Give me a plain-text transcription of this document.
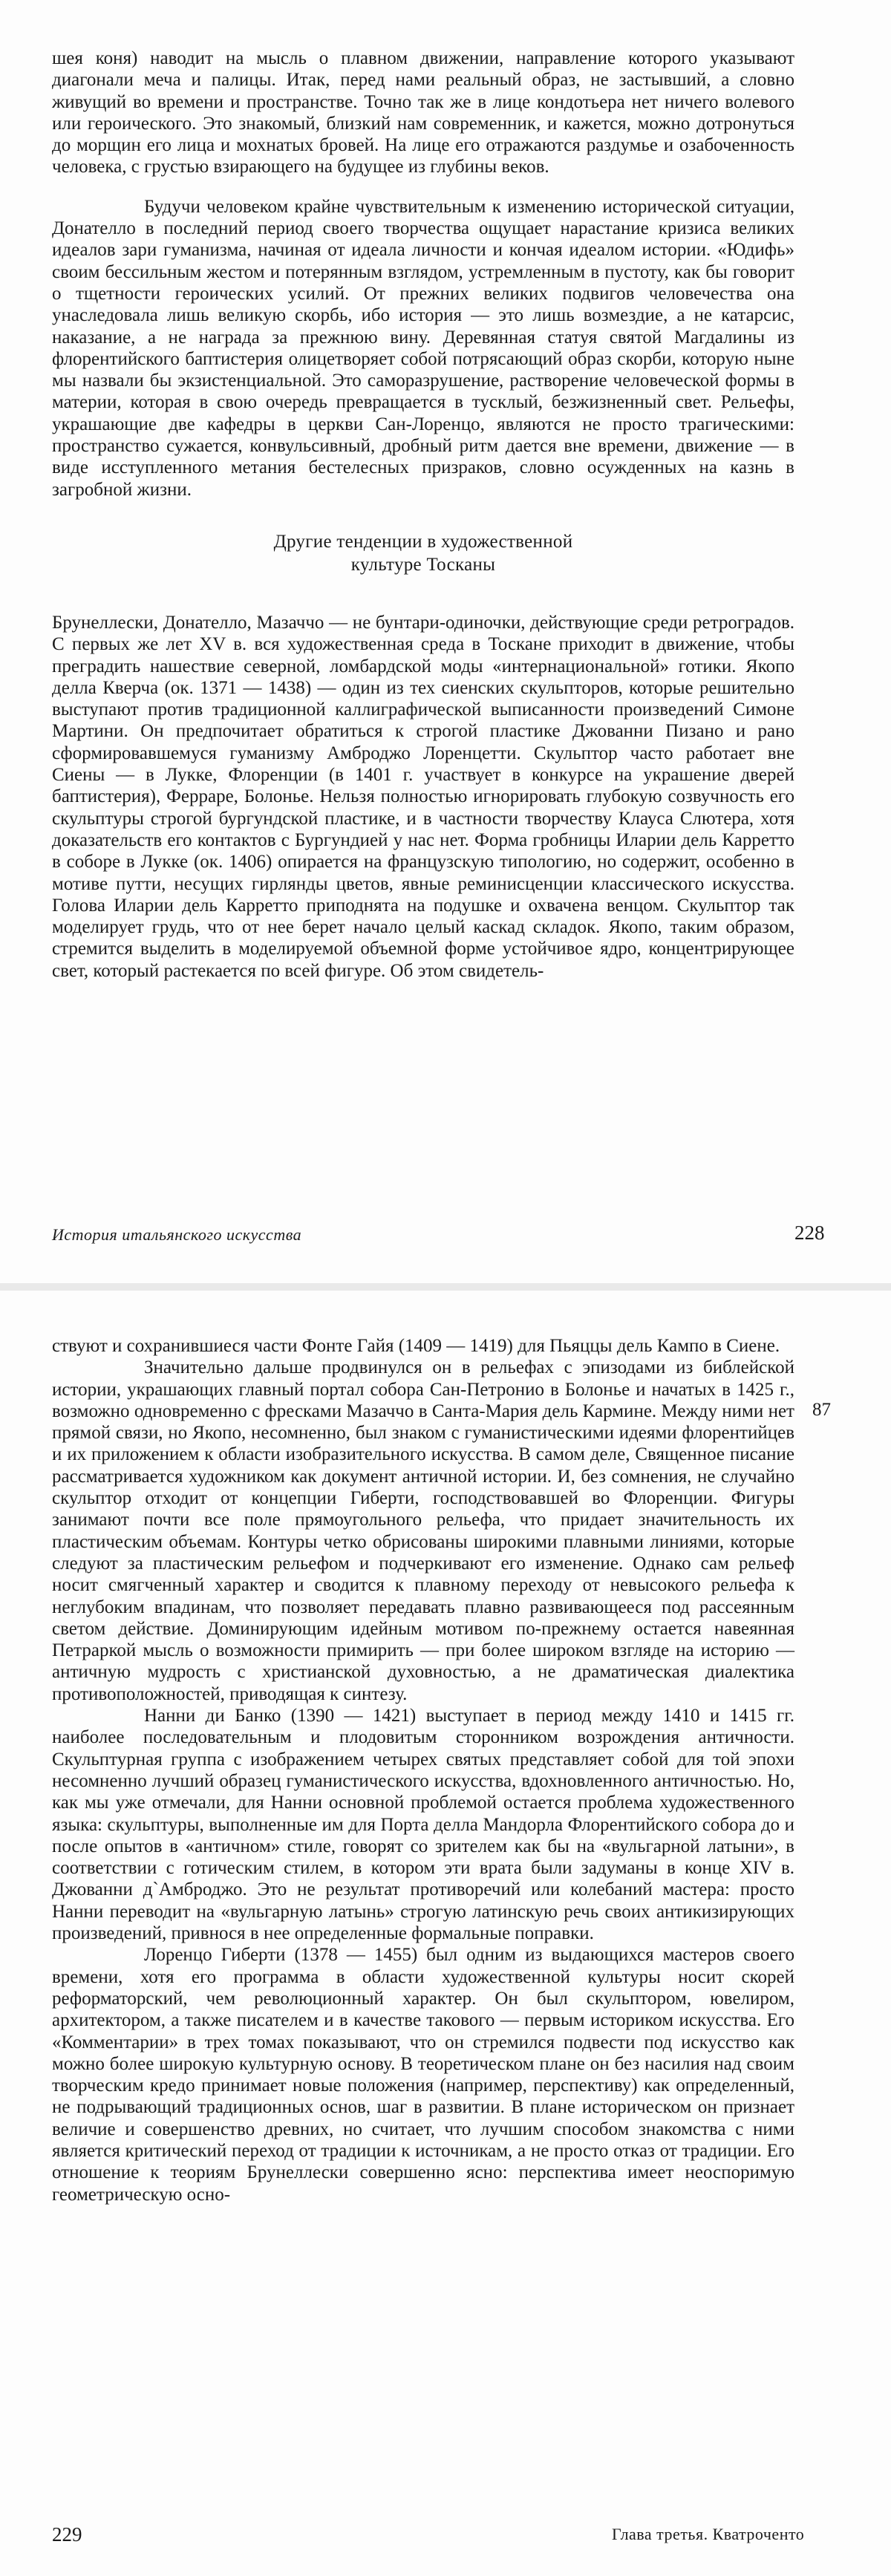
шея коня) наводит на мысль о плавном движении, направление которого указывают диагонали меча и палицы. Итак, перед нами реальный образ, не застывший, а словно живущий во времени и пространстве. Точно так же в лице кондотьера нет ничего волевого или героического. Это знакомый, близкий нам современник, и кажется, можно дотронуться до морщин его лица и мохнатых бровей. На лице его отражаются раздумье и озабоченность человека, с грустью взирающего на будущее из глубины веков.

Будучи человеком крайне чувствительным к изменению исторической ситуации, Донателло в последний период своего творчества ощущает нарастание кризиса великих идеалов зари гуманизма, начиная от идеала личности и кончая идеалом истории. «Юдифь» своим бессильным жестом и потерянным взглядом, устремленным в пустоту, как бы говорит о тщетности героических усилий. От прежних великих подвигов человечества она унаследовала лишь великую скорбь, ибо история — это лишь возмездие, а не катарсис, наказание, а не награда за прежнюю вину. Деревянная статуя святой Магдалины из флорентийского баптистерия олицетворяет собой потрясающий образ скорби, которую ныне мы назвали бы экзистенциальной. Это саморазрушение, растворение человеческой формы в материи, которая в свою очередь превращается в тусклый, безжизненный свет. Рельефы, украшающие две кафедры в церкви Сан-Лоренцо, являются не просто трагическими: пространство сужается, конвульсивный, дробный ритм дается вне времени, движение — в виде исступленного метания бестелесных призраков, словно осужденных на казнь в загробной жизни.

Другие тенденции в художественной
культуре Тосканы

Брунеллески, Донателло, Мазаччо — не бунтари-одиночки, действующие среди ретроградов. С первых же лет XV в. вся художественная среда в Тоскане приходит в движение, чтобы преградить нашествие северной, ломбардской моды «интернациональной» готики. Якопо делла Кверча (ок. 1371 — 1438) — один из тех сиенских скульпторов, которые решительно выступают против традиционной каллиграфической выписанности произведений Симоне Мартини. Он предпочитает обратиться к строгой пластике Джованни Пизано и рано сформировавшемуся гуманизму Амброджо Лоренцетти. Скульптор часто работает вне Сиены — в Лукке, Флоренции (в 1401 г. участвует в конкурсе на украшение дверей баптистерия), Ферраре, Болонье. Нельзя полностью игнорировать глубокую созвучность его скульптуры строгой бургундской пластике, и в частности творчеству Клауса Слютера, хотя доказательств его контактов с Бургундией у нас нет. Форма гробницы Иларии дель Карретто в соборе в Лукке (ок. 1406) опирается на французскую типологию, но содержит, особенно в мотиве путти, несущих гирлянды цветов, явные реминисценции классического искусства. Голова Иларии дель Карретто приподнята на подушке и охвачена венцом. Скульптор так моделирует грудь, что от нее берет начало целый каскад складок. Якопо, таким образом, стремится выделить в моделируемой объемной форме устойчивое ядро, концентрирующее свет, который растекается по всей фигуре. Об этом свидетель-

История итальянского искусства	228

ствуют и сохранившиеся части Фонте Гайя (1409 — 1419) для Пьяццы дель Кампо в Сиене.

Значительно дальше продвинулся он в рельефах с эпизодами из библейской истории, украшающих главный портал собора Сан-Петронио в Болонье и начатых в 1425 г., возможно одновременно с фресками Мазаччо в Санта-Мария дель Кармине. Между ними нет прямой связи, но Якопо, несомненно, был знаком с гуманистическими идеями флорентийцев и их приложением к области изобразительного искусства. В самом деле, Священное писание рассматривается художником как документ античной истории. И, без сомнения, не случайно скульптор отходит от концепции Гиберти, господствовавшей во Флоренции. Фигуры занимают почти все поле прямоугольного рельефа, что придает значительность их пластическим объемам. Контуры четко обрисованы широкими плавными линиями, которые следуют за пластическим рельефом и подчеркивают его изменение. Однако сам рельеф носит смягченный характер и сводится к плавному переходу от невысокого рельефа к неглубоким впадинам, что позволяет передавать плавно развивающееся под рассеянным светом действие. Доминирующим идейным мотивом по-прежнему остается навеянная Петраркой мысль о возможности примирить — при более широком взгляде на историю — античную мудрость с христианской духовностью, а не драматическая диалектика противоположностей, приводящая к синтезу.

Нанни ди Банко (1390 — 1421) выступает в период между 1410 и 1415 гг. наиболее последовательным и плодовитым сторонником возрождения античности. Скульптурная группа с изображением четырех святых представляет собой для той эпохи несомненно лучший образец гуманистического искусства, вдохновленного античностью. Но, как мы уже отмечали, для Нанни основной проблемой остается проблема художественного языка: скульптуры, выполненные им для Порта делла Мандорла Флорентийского собора до и после опытов в «античном» стиле, говорят со зрителем как бы на «вульгарной латыни», в соответствии с готическим стилем, в котором эти врата были задуманы в конце XIV в. Джованни д`Амброджо. Это не результат противоречий или колебаний мастера: просто Нанни переводит на «вульгарную латынь» строгую латинскую речь своих антикизирующих произведений, привнося в нее определенные формальные поправки.

Лоренцо Гиберти (1378 — 1455) был одним из выдающихся мастеров своего времени, хотя его программа в области художественной культуры носит скорей реформаторский, чем революционный характер. Он был скульптором, ювелиром, архитектором, а также писателем и в качестве такового — первым историком искусства. Его «Комментарии» в трех томах показывают, что он стремился подвести под искусство как можно более широкую культурную основу. В теоретическом плане он без насилия над своим творческим кредо принимает новые положения (например, перспективу) как определенный, не подрывающий традиционных основ, шаг в развитии. В плане историческом он признает величие и совершенство древних, но считает, что лучшим способом знакомства с ними является критический переход от традиции к источникам, а не просто отказ от традиции. Его отношение к теориям Брунеллески совершенно ясно: перспектива имеет неоспоримую геометрическую осно-

87
229	Глава третья. Кватроченто
